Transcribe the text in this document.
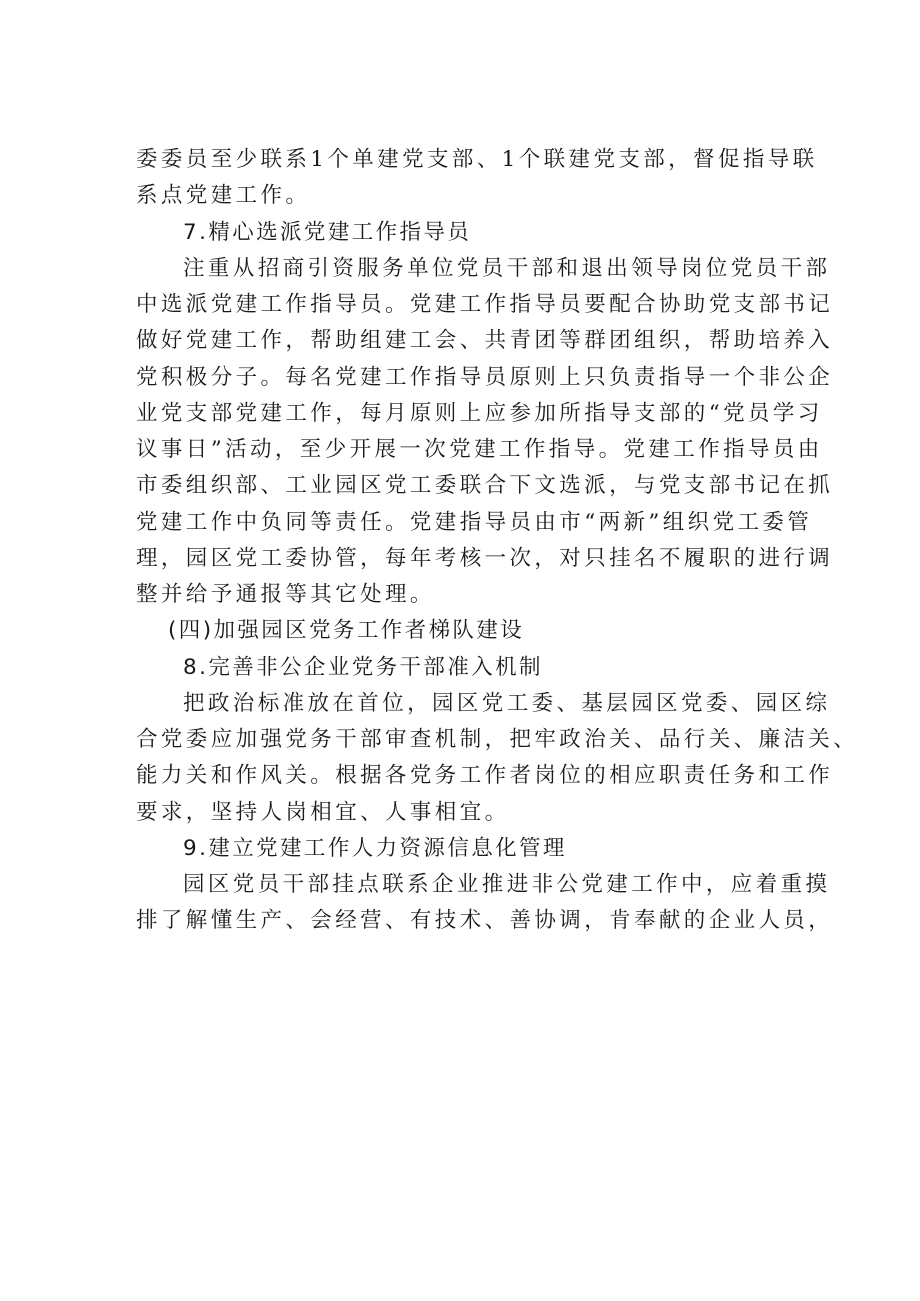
委委员至少联系1个单建党支部、1个联建党支部，督促指导联
系点党建工作。
7.精心选派党建工作指导员
注重从招商引资服务单位党员干部和退出领导岗位党员干部
中选派党建工作指导员。党建工作指导员要配合协助党支部书记
做好党建工作，帮助组建工会、共青团等群团组织，帮助培养入
党积极分子。每名党建工作指导员原则上只负责指导一个非公企
业党支部党建工作，每月原则上应参加所指导支部的“党员学习
议事日”活动，至少开展一次党建工作指导。党建工作指导员由
市委组织部、工业园区党工委联合下文选派，与党支部书记在抓
党建工作中负同等责任。党建指导员由市“两新”组织党工委管
理，园区党工委协管，每年考核一次，对只挂名不履职的进行调
整并给予通报等其它处理。
(四)加强园区党务工作者梯队建设
8.完善非公企业党务干部准入机制
把政治标准放在首位，园区党工委、基层园区党委、园区综
合党委应加强党务干部审查机制，把牢政治关、品行关、廉洁关、
能力关和作风关。根据各党务工作者岗位的相应职责任务和工作
要求，坚持人岗相宜、人事相宜。
9.建立党建工作人力资源信息化管理
园区党员干部挂点联系企业推进非公党建工作中，应着重摸
排了解懂生产、会经营、有技术、善协调，肯奉献的企业人员，
